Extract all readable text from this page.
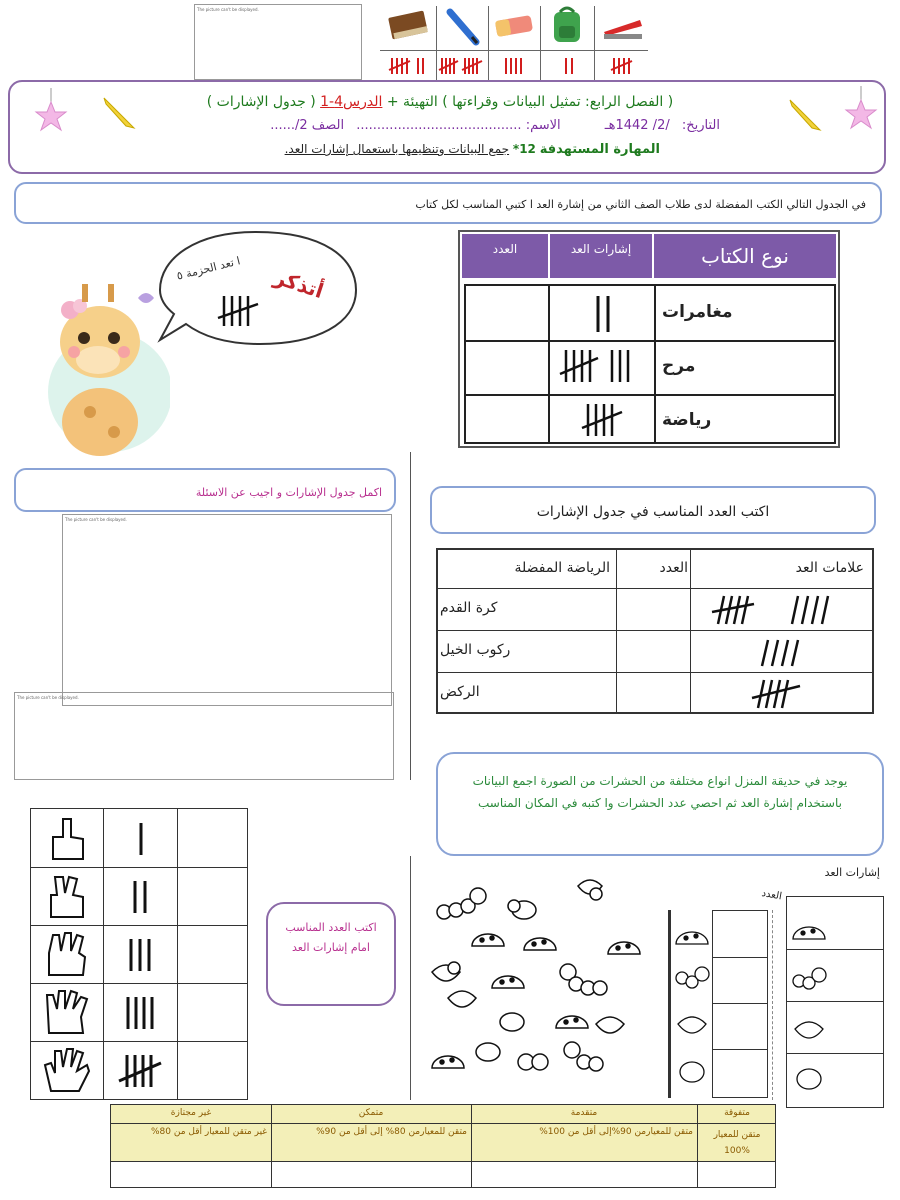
The picture can't be displayed.
( الفصل الرابع: تمثيل البيانات وقراءتها ) التهيئة + الدرس4-1 ( جدول الإشارات )
التاريخ: /2/ 1442هـ الاسم: ........................................ الصف 2/......
المهارة المستهدفة 12* جمع البيانات وتنظيمها باستعمال إشارات العد.
في الجدول التالي الكتب المفضلة لدى طلاب الصف الثاني من إشارة العد ا كتبي المناسب لكل كتاب
نوع الكتاب
إشارات العد
العدد
مغامرات
مرح
رياضة
أتذكر
ا تعد الحزمة ٥
اكمل جدول الإشارات و اجيب عن الاسئلة
The picture can't be displayed.
The picture can't be displayed.
اكتب العدد المناسب في جدول الإشارات
علامات العد
العدد
الرياضة المفضلة
كرة القدم
ركوب الخيل
الركض
يوجد في حديقة المنزل انواع مختلفة من الحشرات من الصورة اجمع البيانات
باستخدام إشارة العد ثم احصي عدد الحشرات وا كتبه في المكان المناسب
إشارات العد
العدد
اكتب العدد المناسب امام إشارات العد
متفوقة
متقدمة
متمكن
غير مجتازة
متقن للمعيار %100
متقن للمعيارمن 90%إلى أقل من 100%
متقن للمعيارمن 80% إلى أقل من 90%
غير متقن للمعيار أقل من 80%
